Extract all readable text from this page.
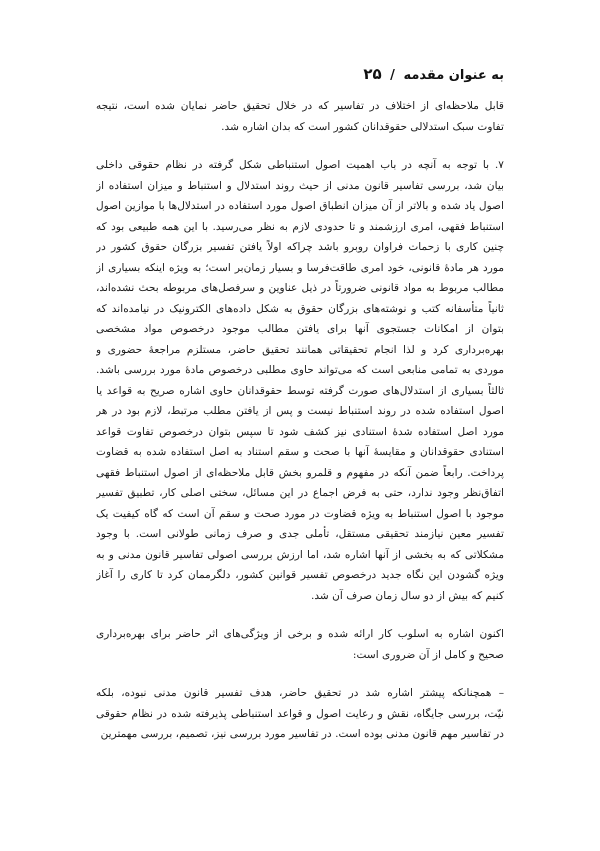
به عنوان مقدمه / ۲۵
قابل ملاحظه‌ای از اختلاف در تفاسیر که در خلال تحقیق حاضر نمایان شده است، نتیجه
تفاوت سبک استدلالی حقوقدانان کشور است که بدان اشاره شد.
۷. با توجه به آنچه در باب اهمیت اصول استنباطی شکل گرفته در نظام حقوقی داخلی
بیان شد، بررسی تفاسیر قانون مدنی از حیث روند استدلال و استنباط و میزان استفاده از
اصول یاد شده و بالاتر از آن میزان انطباق اصول مورد استفاده در استدلال‌ها با موازین اصول
استنباط فقهی، امری ارزشمند و تا حدودی لازم به نظر می‌رسید. با این همه طبیعی بود که
چنین کاری با زحمات فراوان روبرو باشد چراکه اولاً یافتن تفسیر بزرگان حقوق کشور در
مورد هر مادهٔ قانونی، خود امری طاقت‌فرسا و بسیار زمان‌بر است؛ به ویژه اینکه بسیاری از
مطالب مربوط به مواد قانونی ضرورتاً در ذیل عناوین و سرفصل‌های مربوطه بحث نشده‌اند،
ثانیاً متأسفانه کتب و نوشته‌های بزرگان حقوق به شکل داده‌های الکترونیک در نیامده‌اند که
بتوان از امکانات جستجوی آنها برای یافتن مطالب موجود درخصوص مواد مشخصی
بهره‌برداری کرد و لذا انجام تحقیقاتی همانند تحقیق حاضر، مستلزم مراجعهٔ حضوری و
موردی به تمامی منابعی است که می‌تواند حاوی مطلبی درخصوص مادهٔ مورد بررسی باشد.
ثالثاً بسیاری از استدلال‌های صورت گرفته توسط حقوقدانان حاوی اشاره صریح به قواعد یا
اصول استفاده شده در روند استنباط نیست و پس از یافتن مطلب مرتبط، لازم بود در هر
مورد اصل استفاده شدهٔ استنادی نیز کشف شود تا سپس بتوان درخصوص تفاوت قواعد
استنادی حقوقدانان و مقایسهٔ آنها با صحت و سقم استناد به اصل استفاده شده به قضاوت
پرداخت. رابعاً ضمن آنکه در مفهوم و قلمرو بخش قابل ملاحظه‌ای از اصول استنباط فقهی
اتفاق‌نظر وجود ندارد، حتی به فرض اجماع در این مسائل، سختی اصلی کار، تطبیق تفسیر
موجود با اصول استنباط به ویژه قضاوت در مورد صحت و سقم آن است که گاه کیفیت یک
تفسیر معین نیازمند تحقیقی مستقل، تأملی جدی و صرف زمانی طولانی است. با وجود
مشکلاتی که به بخشی از آنها اشاره شد، اما ارزش بررسی اصولی تفاسیر قانون مدنی و به
ویژه گشودن این نگاه جدید درخصوص تفسیر قوانین کشور، دلگرممان کرد تا کاری را آغاز
کنیم که بیش از دو سال زمان صرف آن شد.
اکنون اشاره به اسلوب کار ارائه شده و برخی از ویژگی‌های اثر حاضر برای بهره‌برداری
صحیح و کامل از آن ضروری است:
– همچنانکه پیشتر اشاره شد در تحقیق حاضر، هدف تفسیر قانون مدنی نبوده، بلکه
نیّت، بررسی جایگاه، نقش و رعایت اصول و قواعد استنباطی پذیرفته شده در نظام حقوقی
در تفاسیر مهم قانون مدنی بوده است. در تفاسیر مورد بررسی نیز، تصمیم، بررسی مهمترین
